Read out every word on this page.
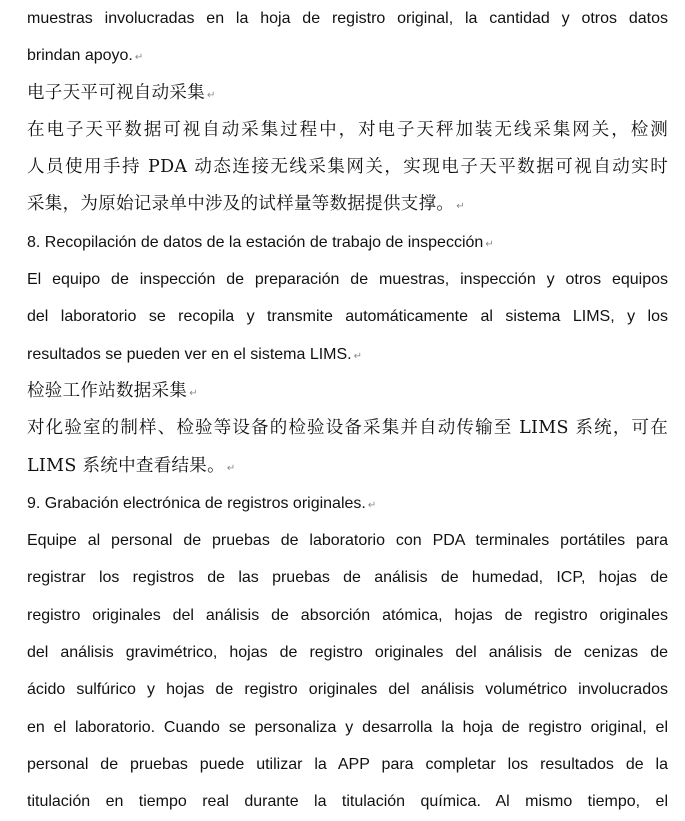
muestras involucradas en la hoja de registro original, la cantidad y otros datos
brindan apoyo. ↵
电子天平可视自动采集 ↵
在电子天平数据可视自动采集过程中，对电子天秤加装无线采集网关，检测
人员使用手持 PDA 动态连接无线采集网关，实现电子天平数据可视自动实时
采集，为原始记录单中涉及的试样量等数据提供支撑。 ↵
8. Recopilación de datos de la estación de trabajo de inspección ↵
El equipo de inspección de preparación de muestras, inspección y otros equipos
del laboratorio se recopila y transmite automáticamente al sistema LIMS, y los
resultados se pueden ver en el sistema LIMS. ↵
检验工作站数据采集 ↵
对化验室的制样、检验等设备的检验设备采集并自动传输至 LIMS 系统，可在
LIMS 系统中查看结果。 ↵
9. Grabación electrónica de registros originales. ↵
Equipe al personal de pruebas de laboratorio con PDA terminales portátiles para
registrar los registros de las pruebas de análisis de humedad, ICP, hojas de
registro originales del análisis de absorción atómica, hojas de registro originales
del análisis gravimétrico, hojas de registro originales del análisis de cenizas de
ácido sulfúrico y hojas de registro originales del análisis volumétrico involucrados
en el laboratorio. Cuando se personaliza y desarrolla la hoja de registro original, el
personal de pruebas puede utilizar la APP para completar los resultados de la
titulación en tiempo real durante la titulación química. Al mismo tiempo, el
